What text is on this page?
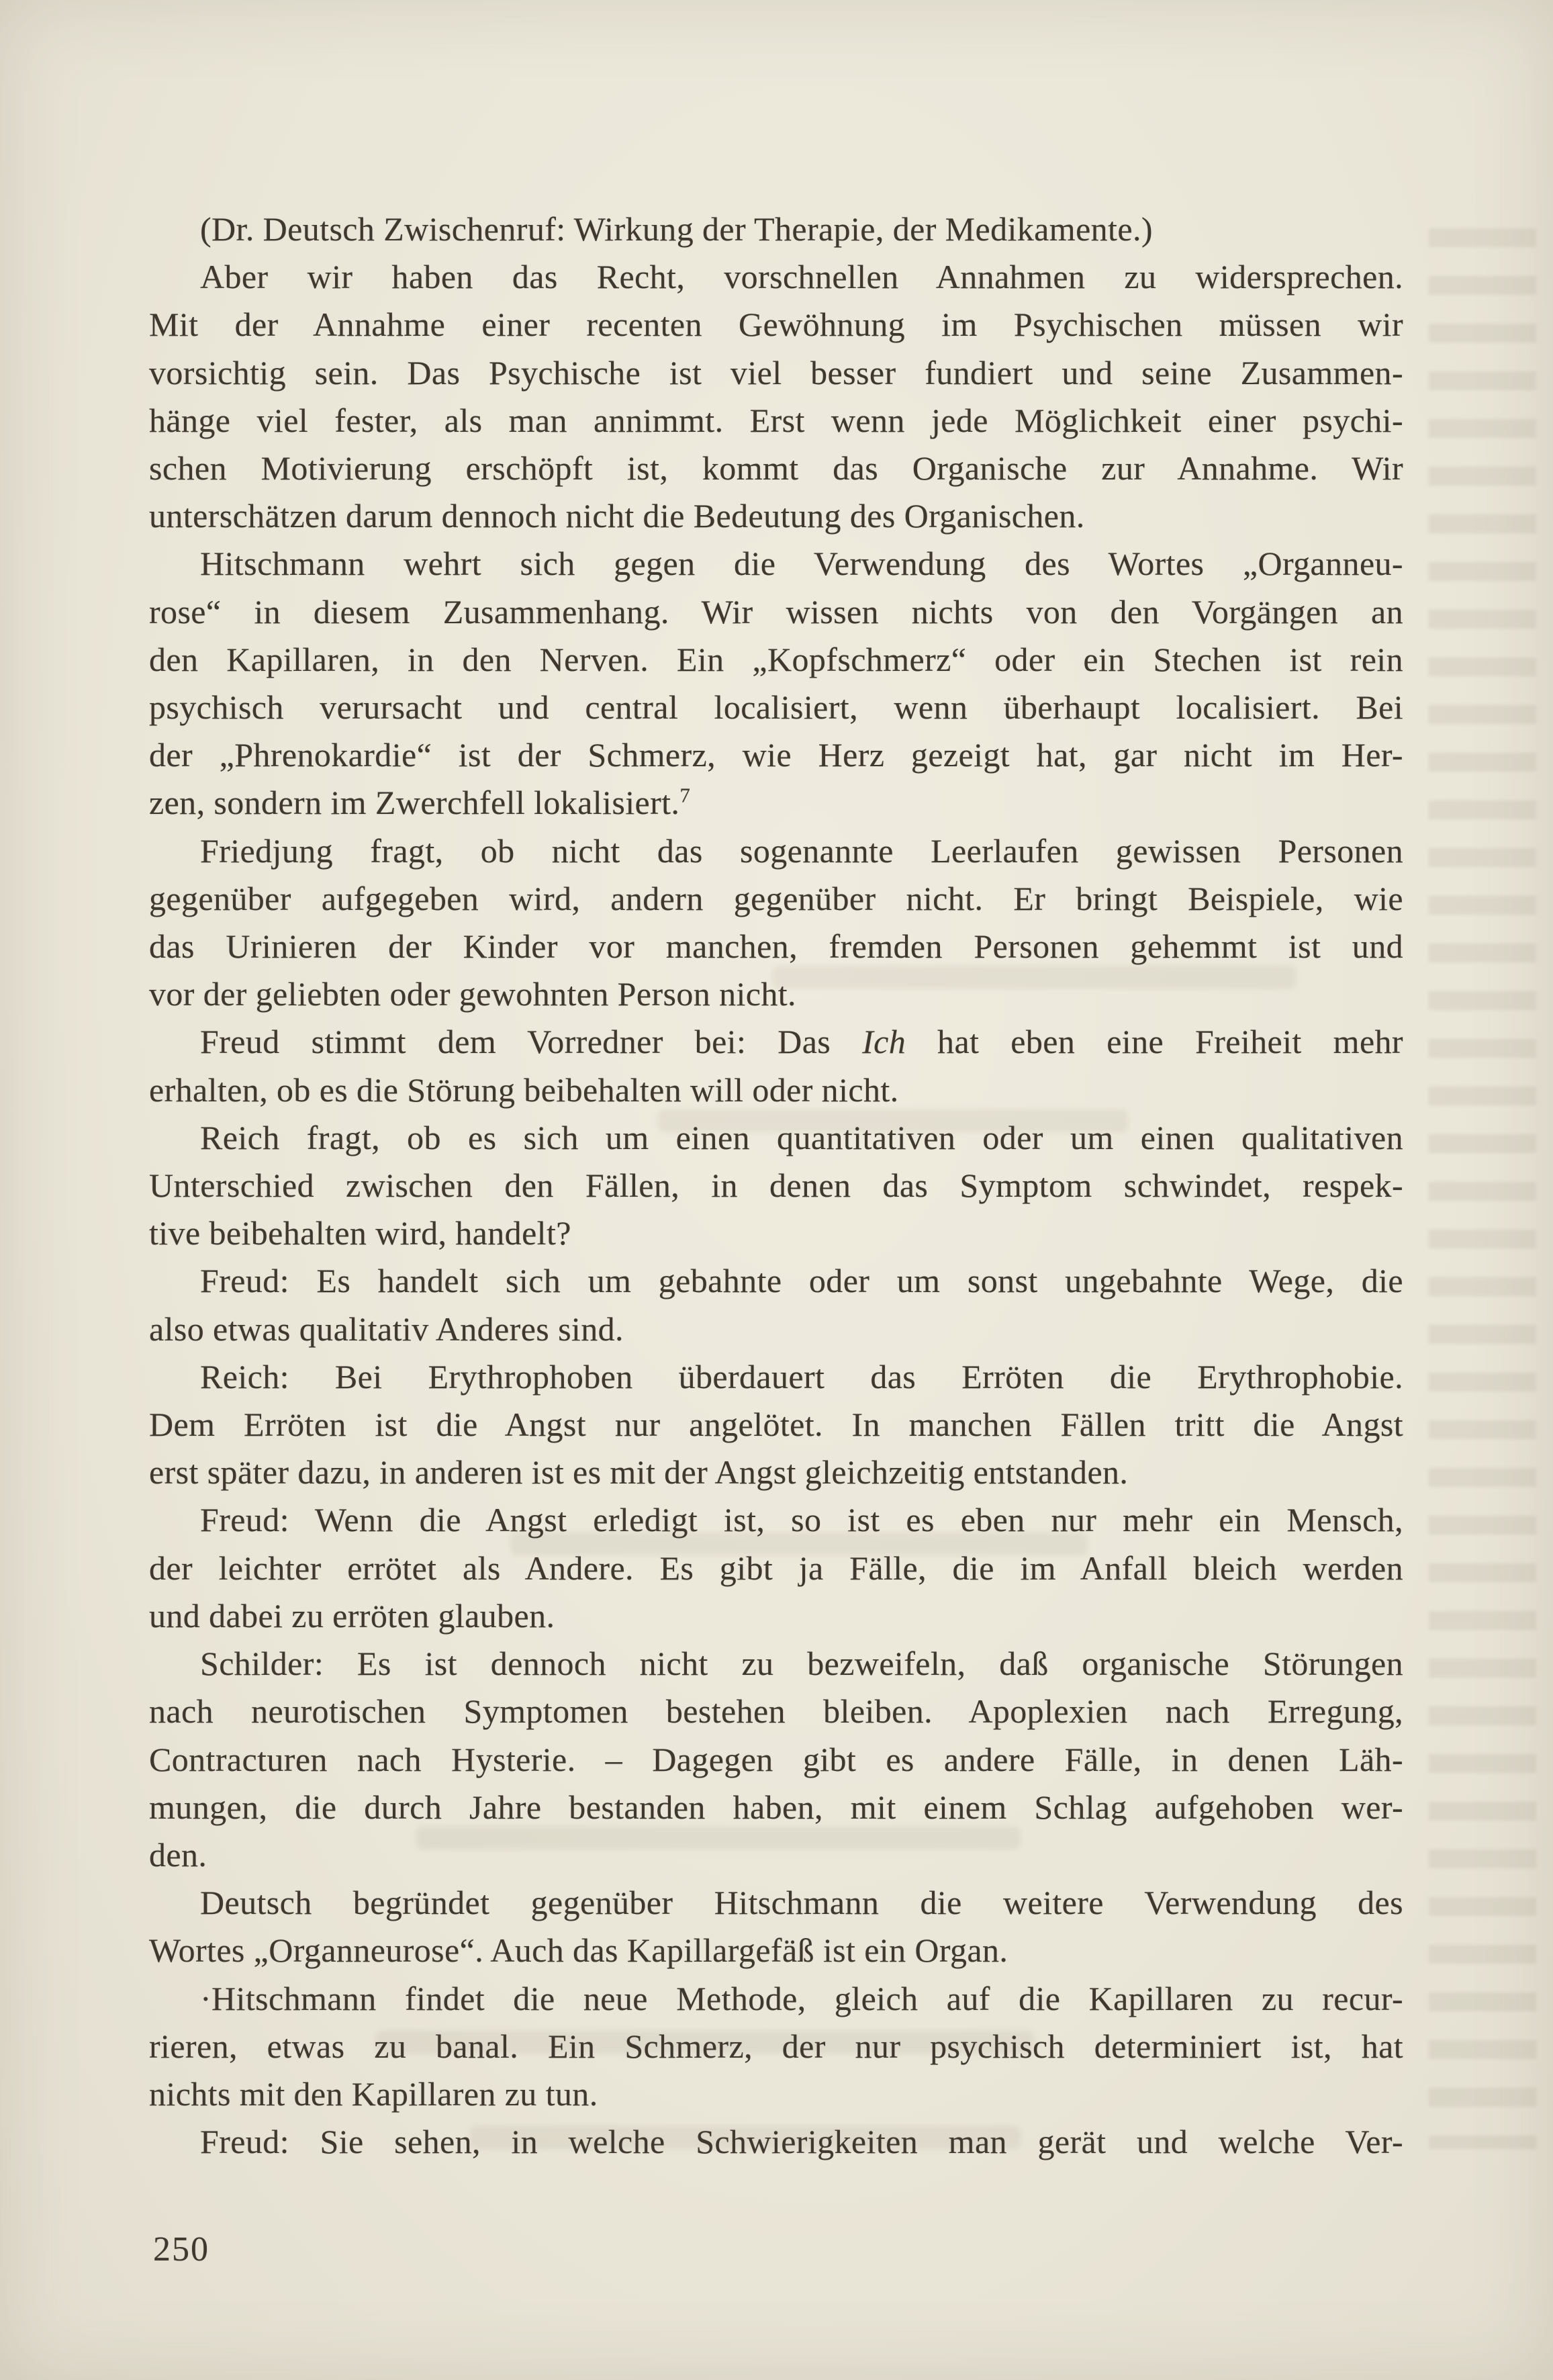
(Dr. Deutsch Zwischenruf: Wirkung der Therapie, der Medikamente.)
Aber wir haben das Recht, vorschnellen Annahmen zu widersprechen.
Mit der Annahme einer recenten Gewöhnung im Psychischen müssen wir
vorsichtig sein. Das Psychische ist viel besser fundiert und seine Zusammen-
hänge viel fester, als man annimmt. Erst wenn jede Möglichkeit einer psychi-
schen Motivierung erschöpft ist, kommt das Organische zur Annahme. Wir
unterschätzen darum dennoch nicht die Bedeutung des Organischen.
Hitschmann wehrt sich gegen die Verwendung des Wortes „Organneu-
rose“ in diesem Zusammenhang. Wir wissen nichts von den Vorgängen an
den Kapillaren, in den Nerven. Ein „Kopfschmerz“ oder ein Stechen ist rein
psychisch verursacht und central localisiert, wenn überhaupt localisiert. Bei
der „Phrenokardie“ ist der Schmerz, wie Herz gezeigt hat, gar nicht im Her-
zen, sondern im Zwerchfell lokalisiert.$^7$
Friedjung fragt, ob nicht das sogenannte Leerlaufen gewissen Personen
gegenüber aufgegeben wird, andern gegenüber nicht. Er bringt Beispiele, wie
das Urinieren der Kinder vor manchen, fremden Personen gehemmt ist und
vor der geliebten oder gewohnten Person nicht.
Freud stimmt dem Vorredner bei: Das Ich hat eben eine Freiheit mehr
erhalten, ob es die Störung beibehalten will oder nicht.
Reich fragt, ob es sich um einen quantitativen oder um einen qualitativen
Unterschied zwischen den Fällen, in denen das Symptom schwindet, respek-
tive beibehalten wird, handelt?
Freud: Es handelt sich um gebahnte oder um sonst ungebahnte Wege, die
also etwas qualitativ Anderes sind.
Reich: Bei Erythrophoben überdauert das Erröten die Erythrophobie.
Dem Erröten ist die Angst nur angelötet. In manchen Fällen tritt die Angst
erst später dazu, in anderen ist es mit der Angst gleichzeitig entstanden.
Freud: Wenn die Angst erledigt ist, so ist es eben nur mehr ein Mensch,
der leichter errötet als Andere. Es gibt ja Fälle, die im Anfall bleich werden
und dabei zu erröten glauben.
Schilder: Es ist dennoch nicht zu bezweifeln, daß organische Störungen
nach neurotischen Symptomen bestehen bleiben. Apoplexien nach Erregung,
Contracturen nach Hysterie. – Dagegen gibt es andere Fälle, in denen Läh-
mungen, die durch Jahre bestanden haben, mit einem Schlag aufgehoben wer-
den.
Deutsch begründet gegenüber Hitschmann die weitere Verwendung des
Wortes „Organneurose“. Auch das Kapillargefäß ist ein Organ.
·Hitschmann findet die neue Methode, gleich auf die Kapillaren zu recur-
rieren, etwas zu banal. Ein Schmerz, der nur psychisch determiniert ist, hat
nichts mit den Kapillaren zu tun.
Freud: Sie sehen, in welche Schwierigkeiten man gerät und welche Ver-
250
